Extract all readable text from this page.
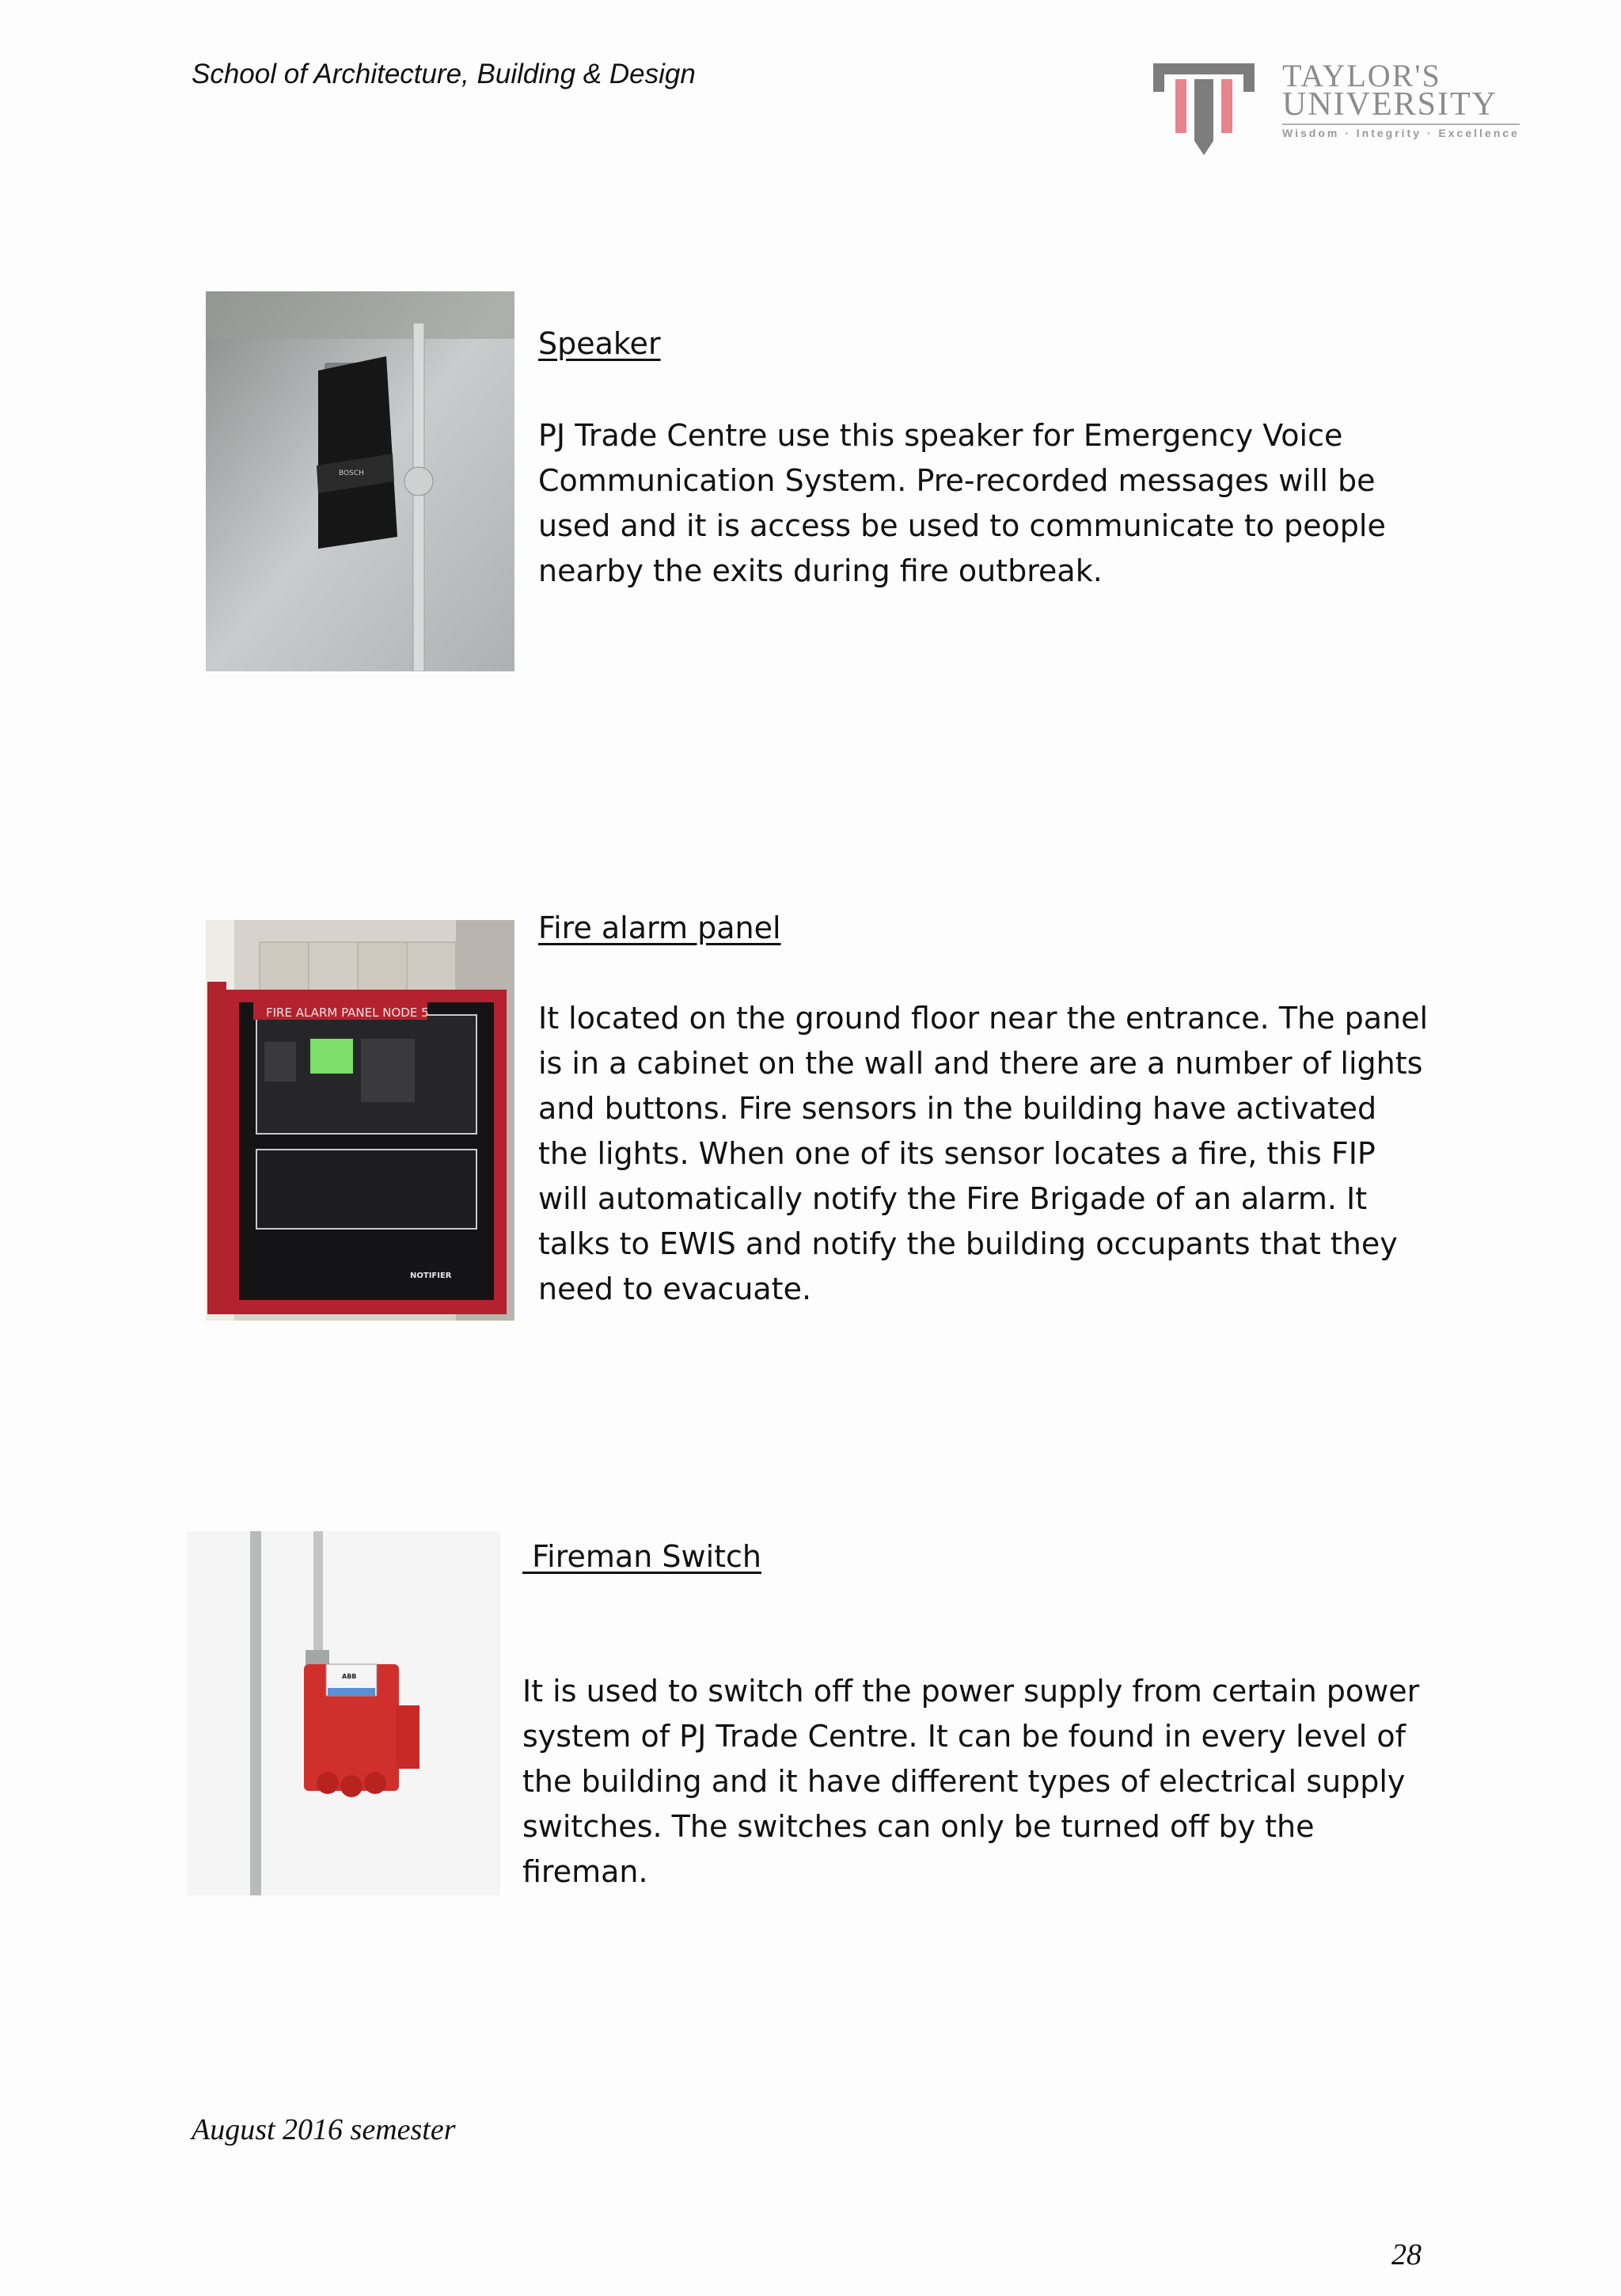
School of Architecture, Building & Design	TAYLOR'S
UNIVERSITY
Wisdom · Integrity · Excellence
BOSCH
Speaker
PJ Trade Centre use this speaker for Emergency Voice Communication System. Pre-recorded messages will be used and it is access be used to communicate to people nearby the exits during fire outbreak.
FIRE ALARM PANEL NODE 5
NOTIFIER
Fire alarm panel
It located on the ground floor near the entrance. The panel is in a cabinet on the wall and there are a number of lights and buttons. Fire sensors in the building have activated the lights. When one of its sensor locates a fire, this FIP will automatically notify the Fire Brigade of an alarm. It talks to EWIS and notify the building occupants that they need to evacuate.
ABB
Fireman Switch
It is used to switch off the power supply from certain power system of PJ Trade Centre. It can be found in every level of the building and it have different types of electrical supply switches. The switches can only be turned off by the fireman.
August 2016 semester
28
